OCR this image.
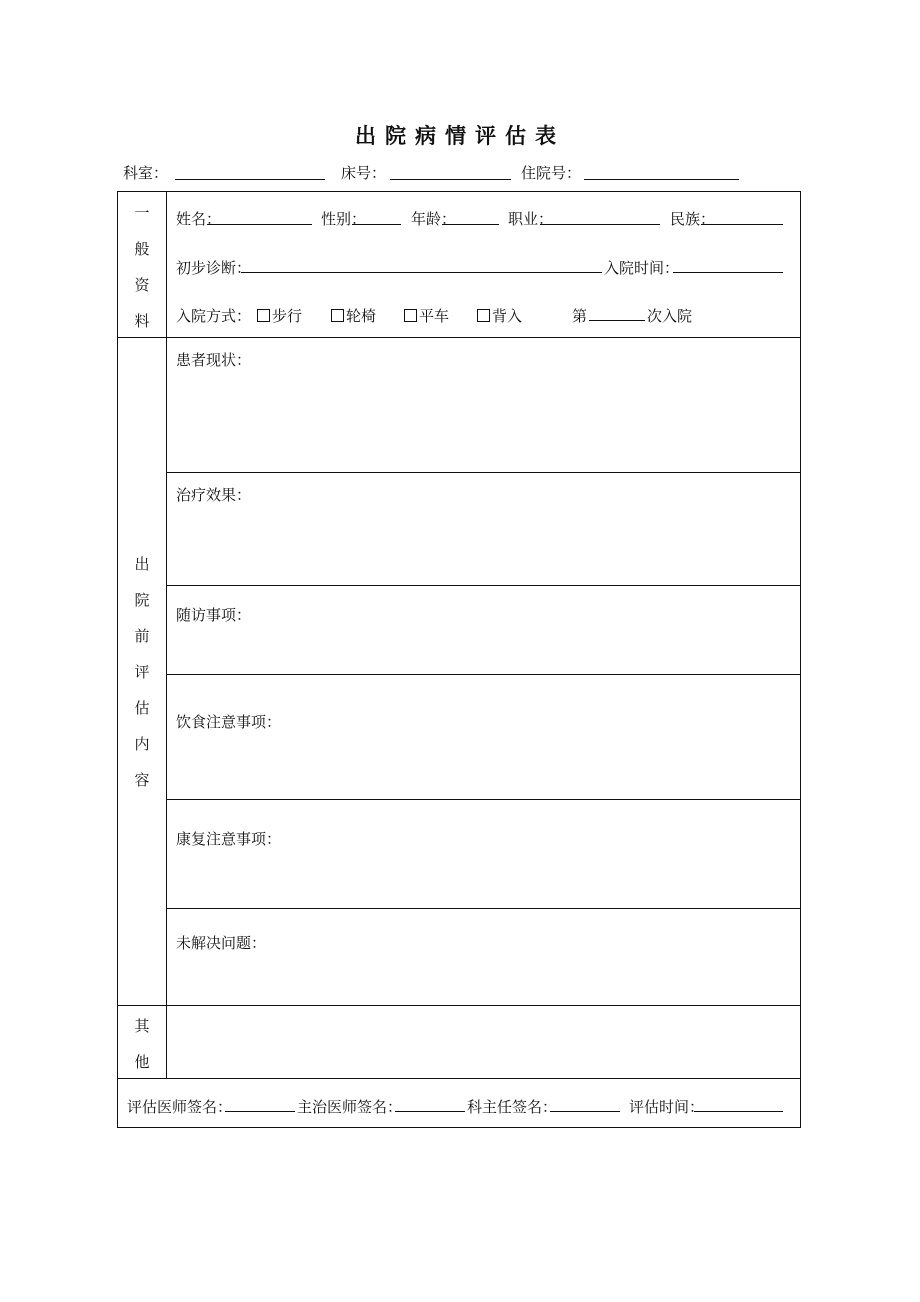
出院病情评估表
科室：	床号：	住院号：
一
般
资
料
姓名：	性别：	年龄：	职业：	民族：
初步诊断：	入院时间：
入院方式：	步行	轮椅	平车	背入	第	次入院
出
院
前
评
估
内
容
患者现状：
治疗效果：
随访事项：
饮食注意事项：
康复注意事项：
未解决问题：
其
他
评估医师签名：	主治医师签名：	科主任签名：	评估时间：
